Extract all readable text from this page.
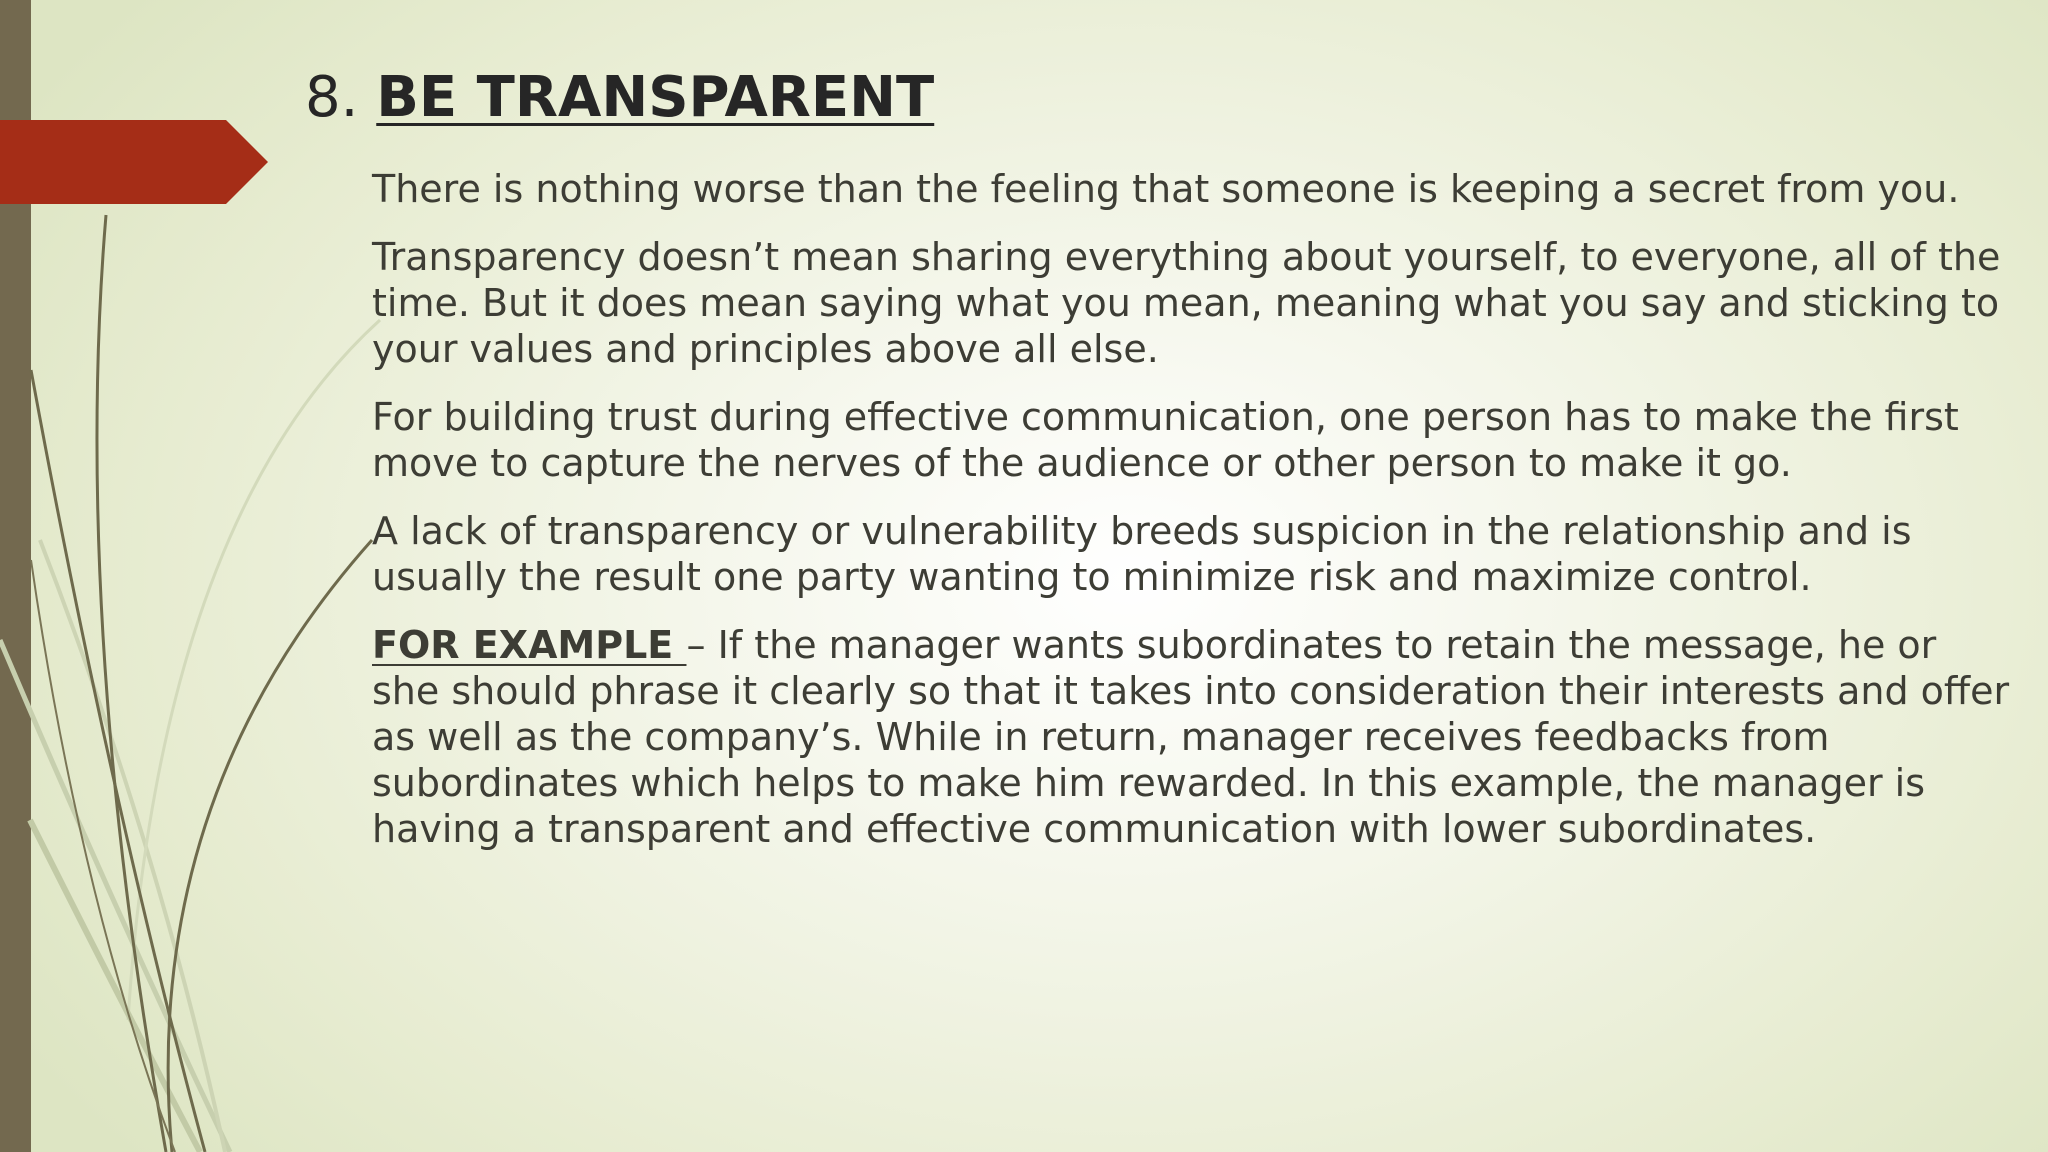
8. BE TRANSPARENT

There is nothing worse than the feeling that someone is keeping a secret from you.

Transparency doesn’t mean sharing everything about yourself, to everyone, all of the time. But it does mean saying what you mean, meaning what you say and sticking to your values and principles above all else.

For building trust during effective communication, one person has to make the first move to capture the nerves of the audience or other person to make it go.

A lack of transparency or vulnerability breeds suspicion in the relationship and is usually the result one party wanting to minimize risk and maximize control.

FOR EXAMPLE – If the manager wants subordinates to retain the message, he or she should phrase it clearly so that it takes into consideration their interests and offer as well as the company’s. While in return, manager receives feedbacks from subordinates which helps to make him rewarded. In this example, the manager is having a transparent and effective communication with lower subordinates.
